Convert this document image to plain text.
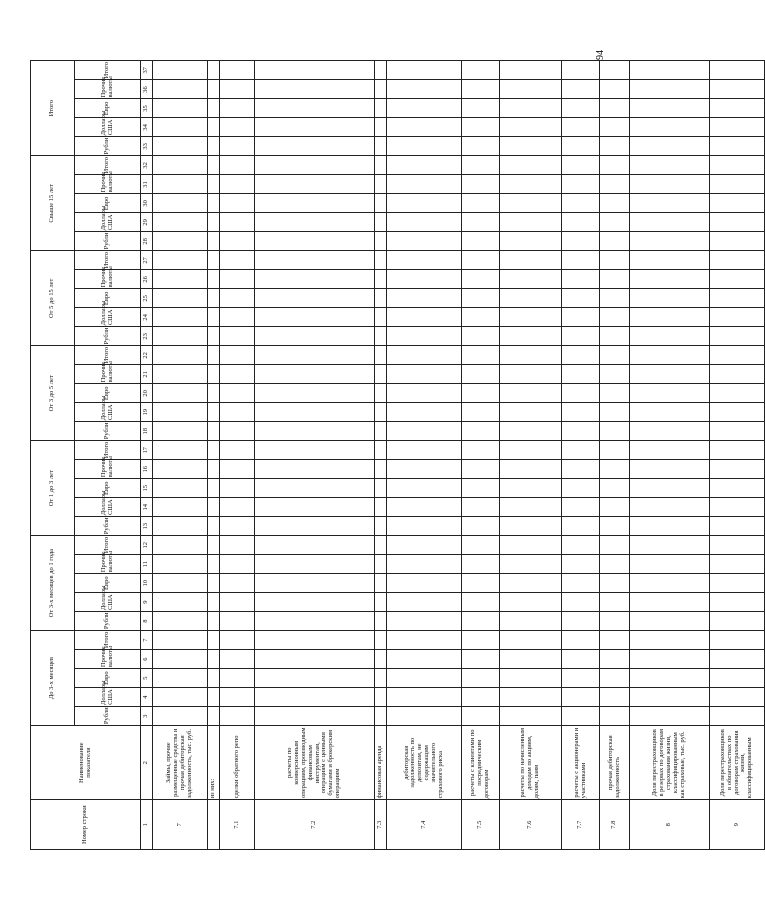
Номер строки	Наименование показателя	До 3-х месяцев					От 3-х месяцев до 1 года					От 1 до 3 лет					От 3 до 5 лет					От 5 до 15 лет					Свыше 15 лет					Итого				
		Рубли	Доллары США	Евро	Прочие валюты	Итого	Рубли	Доллары США	Евро	Прочие валюты	Итого	Рубли	Доллары США	Евро	Прочие валюты	Итого	Рубли	Доллары США	Евро	Прочие валюты	Итого	Рубли	Доллары США	Евро	Прочие валюты	Итого	Рубли	Доллары США	Евро	Прочие валюты	Итого	Рубли	Доллары США	Евро	Прочие валюты	Итого
1	2	3	4	5	6	7	8	9	10	11	12	13	14	15	16	17	18	19	20	21	22	23	24	25	26	27	28	29	30	31	32	33	34	35	36	37
7	Займы, прочие размещенные средства и прочая дебиторская задолженность, тыс. руб.																																			
	из них:																																			
7.1	сделки обратного репо																																			
7.2	расчеты по конверсионным операциям, производным финансовым инструментам, операциям с ценными бумагами и брокерским операциям																																			
7.3	финансовая аренда																																			
7.4	дебиторская задолженность по депозитам, не содержащим значительного страхового риска																																			
7.5	расчеты с клиентами по посредническим договорам																																			
7.6	расчеты по начисленным доходам по акциям, долям, паям																																			
7.7	расчеты с акционерами и участниками																																			
7.8	прочая дебиторская задолженность																																			
8	Доля перестраховщиков в резервах по договорам страхования жизни, классифицированным как страховые, тыс. руб.																																			
9	Доля перестраховщиков в обязательствах по договорам страхования жизни, классифицированным																																			
94
